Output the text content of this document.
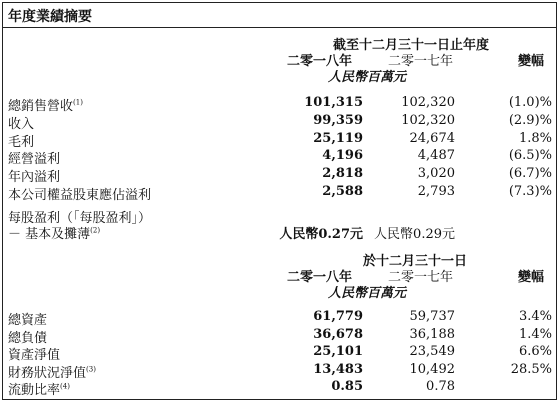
年度業績摘要
截至十二月三十一日止年度
二零一八年	二零一七年	變幅
人民幣百萬元
總銷售營收$^{(1)}$	101,315	102,320	(1.0)%
收入	99,359	102,320	(2.9)%
毛利	25,119	24,674	1.8%
經營溢利	4,196	4,487	(6.5)%
年內溢利	2,818	3,020	(6.7)%
本公司權益股東應佔溢利	2,588	2,793	(7.3)%
每股盈利（「每股盈利」）
－ 基本及攤薄$^{(2)}$	人民幣0.27元 人民幣0.29元
於十二月三十一日
二零一八年	二零一七年	變幅
人民幣百萬元
總資產	61,779	59,737	3.4%
總負債	36,678	36,188	1.4%
資產淨值	25,101	23,549	6.6%
財務狀況淨值$^{(3)}$	13,483	10,492	28.5%
流動比率$^{(4)}$	0.85	0.78
